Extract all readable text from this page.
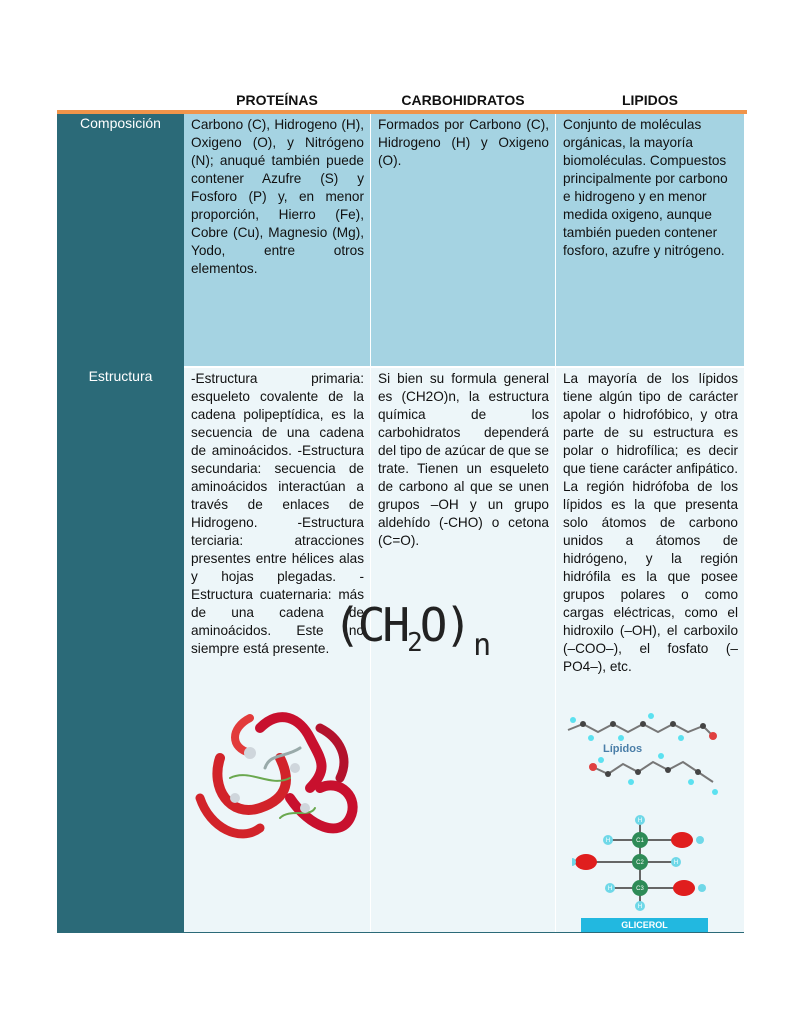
PROTEÍNAS	CARBOHIDRATOS	LIPIDOS
Composición
Estructura
Carbono (C), Hidrogeno (H), Oxigeno (O), y Nitrógeno (N); anuqué también puede contener Azufre (S) y Fosforo (P) y, en menor proporción, Hierro (Fe), Cobre (Cu), Magnesio (Mg), Yodo, entre otros elementos.
Formados por Carbono (C), Hidrogeno (H) y Oxigeno (O).
Conjunto de moléculas orgánicas, la mayoría biomoléculas. Compuestos principalmente por carbono e hidrogeno y en menor medida oxigeno, aunque también pueden contener fosforo, azufre y nitrógeno.
-Estructura primaria: esqueleto covalente de la cadena polipeptídica, es la secuencia de una cadena de aminoácidos. -Estructura secundaria: secuencia de aminoácidos interactúan a través de enlaces de Hidrogeno. -Estructura terciaria: atracciones presentes entre hélices alas y hojas plegadas. -Estructura cuaternaria: más de una cadena de aminoácidos. Este no siempre está presente.
Si bien su formula general es (CH2O)n, la estructura química de los carbohidratos dependerá del tipo de azúcar de que se trate. Tienen un esqueleto de carbono al que se unen grupos –OH y un grupo aldehído (-CHO) o cetona (C=O).
La mayoría de los lípidos tiene algún tipo de carácter apolar o hidrofóbico, y otra parte de su estructura es polar o hidrofílica; es decir que tiene carácter anfipático. La región hidrófoba de los lípidos es la que presenta solo átomos de carbono unidos a átomos de hidrógeno, y la región hidrófila es la que posee grupos polares o como cargas eléctricas, como el hidroxilo (–OH), el carboxilo (–COO–), el fosfato (–PO4–), etc.
$(CH_2O)$ $_n$
Lípidos
C1
C2
C3
H
H
H
H
H
GLICEROL
